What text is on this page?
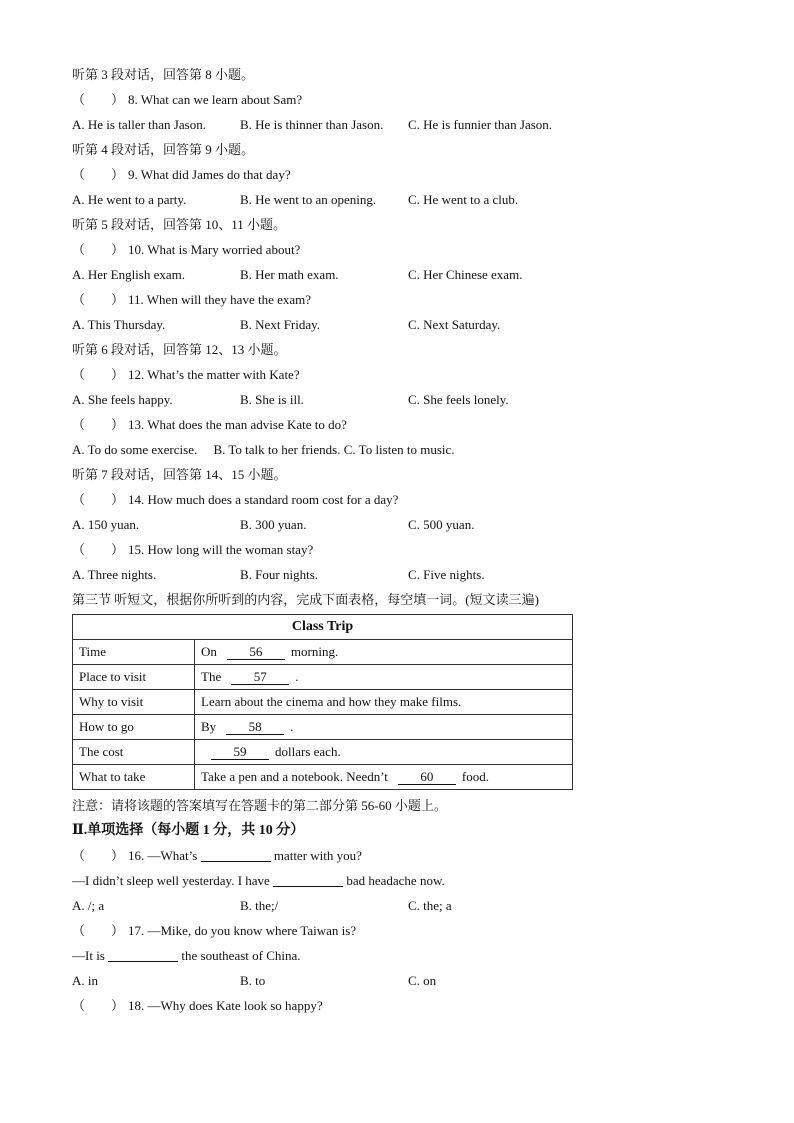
听第 3 段对话，回答第 8 小题。
（　　） 8. What can we learn about Sam?
A. He is taller than Jason.	B. He is thinner than Jason.	C. He is funnier than Jason.
听第 4 段对话，回答第 9 小题。
（　　） 9. What did James do that day?
A. He went to a party.	B. He went to an opening.	C. He went to a club.
听第 5 段对话，回答第 10、11 小题。
（　　） 10. What is Mary worried about?
A. Her English exam.	B. Her math exam.	C. Her Chinese exam.
（　　） 11. When will they have the exam?
A. This Thursday.	B. Next Friday.	C. Next Saturday.
听第 6 段对话，回答第 12、13 小题。
（　　） 12. What’s the matter with Kate?
A. She feels happy.	B. She is ill.	C. She feels lonely.
（　　） 13. What does the man advise Kate to do?
A. To do some exercise.　 B. To talk to her friends. C. To listen to music.
听第 7 段对话，回答第 14、15 小题。
（　　） 14. How much does a standard room cost for a day?
A. 150 yuan.	B. 300 yuan.	C. 500 yuan.
（　　） 15. How long will the woman stay?
A. Three nights.	B. Four nights.	C. Five nights.
第三节 听短文，根据你所听到的内容，完成下面表格，每空填一词。(短文读三遍)
Class Trip	
Time	On 56 morning.
Place to visit	The 57 .
Why to visit	Learn about the cinema and how they make films.
How to go	By 58 .
The cost	59 dollars each.
What to take	Take a pen and a notebook. Needn’t 60 food.
注意：请将该题的答案填写在答题卡的第二部分第 56-60 小题上。
Ⅱ.单项选择（每小题 1 分，共 10 分）
（　　） 16. —What’s	matter with you?
—I didn’t sleep well yesterday. I have	bad headache now.
A. /; a	B. the;/	C. the; a
（　　） 17. —Mike, do you know where Taiwan is?
—It is	the southeast of China.
A. in	B. to	C. on
（　　） 18. —Why does Kate look so happy?
